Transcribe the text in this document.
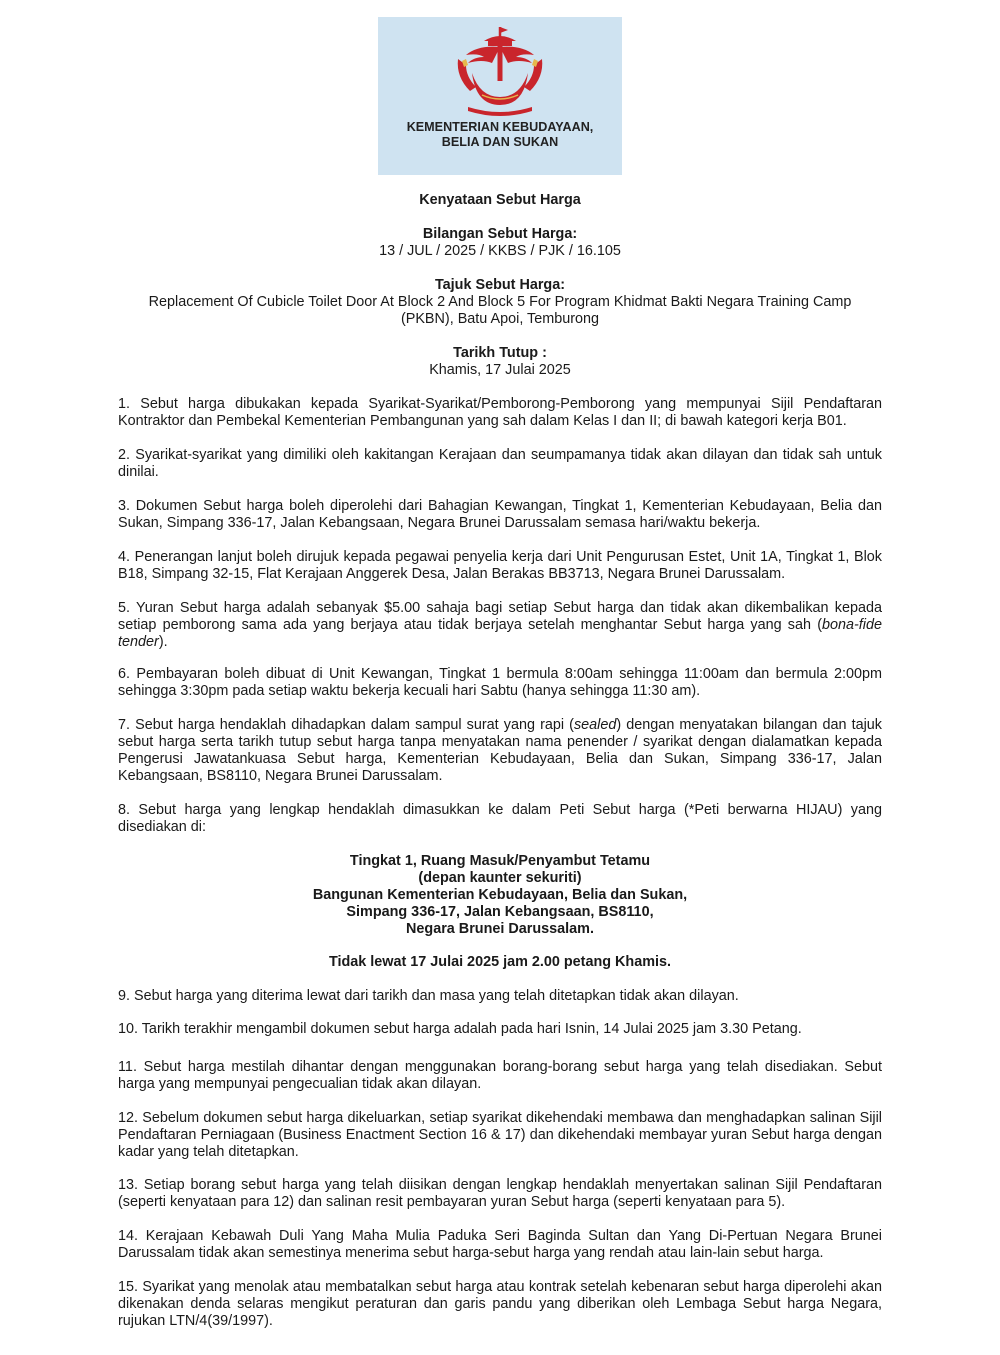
KEMENTERIAN KEBUDAYAAN,
BELIA DAN SUKAN
Kenyataan Sebut Harga
Bilangan Sebut Harga:
13 / JUL / 2025 / KKBS / PJK / 16.105
Tajuk Sebut Harga:
Replacement Of Cubicle Toilet Door At Block 2 And Block 5 For Program Khidmat Bakti Negara Training Camp
(PKBN), Batu Apoi, Temburong
Tarikh Tutup :
Khamis, 17 Julai 2025
1. Sebut harga dibukakan kepada Syarikat-Syarikat/Pemborong-Pemborong yang mempunyai Sijil Pendaftaran Kontraktor dan Pembekal Kementerian Pembangunan yang sah dalam Kelas I dan II; di bawah kategori kerja B01.
2. Syarikat-syarikat yang dimiliki oleh kakitangan Kerajaan dan seumpamanya tidak akan dilayan dan tidak sah untuk dinilai.
3. Dokumen Sebut harga boleh diperolehi dari Bahagian Kewangan, Tingkat 1, Kementerian Kebudayaan, Belia dan Sukan, Simpang 336-17, Jalan Kebangsaan, Negara Brunei Darussalam semasa hari/waktu bekerja.
4. Penerangan lanjut boleh dirujuk kepada pegawai penyelia kerja dari Unit Pengurusan Estet, Unit 1A, Tingkat 1, Blok B18, Simpang 32-15, Flat Kerajaan Anggerek Desa, Jalan Berakas BB3713, Negara Brunei Darussalam.
5. Yuran Sebut harga adalah sebanyak $5.00 sahaja bagi setiap Sebut harga dan tidak akan dikembalikan kepada setiap pemborong sama ada yang berjaya atau tidak berjaya setelah menghantar Sebut harga yang sah (bona-fide tender).
6. Pembayaran boleh dibuat di Unit Kewangan, Tingkat 1 bermula 8:00am sehingga 11:00am dan bermula 2:00pm sehingga 3:30pm pada setiap waktu bekerja kecuali hari Sabtu (hanya sehingga 11:30 am).
7. Sebut harga hendaklah dihadapkan dalam sampul surat yang rapi (sealed) dengan menyatakan bilangan dan tajuk sebut harga serta tarikh tutup sebut harga tanpa menyatakan nama penender / syarikat dengan dialamatkan kepada Pengerusi Jawatankuasa Sebut harga, Kementerian Kebudayaan, Belia dan Sukan, Simpang 336-17, Jalan Kebangsaan, BS8110, Negara Brunei Darussalam.
8. Sebut harga yang lengkap hendaklah dimasukkan ke dalam Peti Sebut harga (*Peti berwarna HIJAU) yang disediakan di:
Tingkat 1, Ruang Masuk/Penyambut Tetamu
(depan kaunter sekuriti)
Bangunan Kementerian Kebudayaan, Belia dan Sukan,
Simpang 336-17, Jalan Kebangsaan, BS8110,
Negara Brunei Darussalam.
Tidak lewat 17 Julai 2025 jam 2.00 petang Khamis.
9. Sebut harga yang diterima lewat dari tarikh dan masa yang telah ditetapkan tidak akan dilayan.
10. Tarikh terakhir mengambil dokumen sebut harga adalah pada hari Isnin, 14 Julai 2025 jam 3.30 Petang.
11. Sebut harga mestilah dihantar dengan menggunakan borang-borang sebut harga yang telah disediakan. Sebut harga yang mempunyai pengecualian tidak akan dilayan.
12. Sebelum dokumen sebut harga dikeluarkan, setiap syarikat dikehendaki membawa dan menghadapkan salinan Sijil Pendaftaran Perniagaan (Business Enactment Section 16 & 17) dan dikehendaki membayar yuran Sebut harga dengan kadar yang telah ditetapkan.
13. Setiap borang sebut harga yang telah diisikan dengan lengkap hendaklah menyertakan salinan Sijil Pendaftaran (seperti kenyataan para 12) dan salinan resit pembayaran yuran Sebut harga (seperti kenyataan para 5).
14. Kerajaan Kebawah Duli Yang Maha Mulia Paduka Seri Baginda Sultan dan Yang Di-Pertuan Negara Brunei Darussalam tidak akan semestinya menerima sebut harga-sebut harga yang rendah atau lain-lain sebut harga.
15. Syarikat yang menolak atau membatalkan sebut harga atau kontrak setelah kebenaran sebut harga diperolehi akan dikenakan denda selaras mengikut peraturan dan garis pandu yang diberikan oleh Lembaga Sebut harga Negara, rujukan LTN/4(39/1997).
